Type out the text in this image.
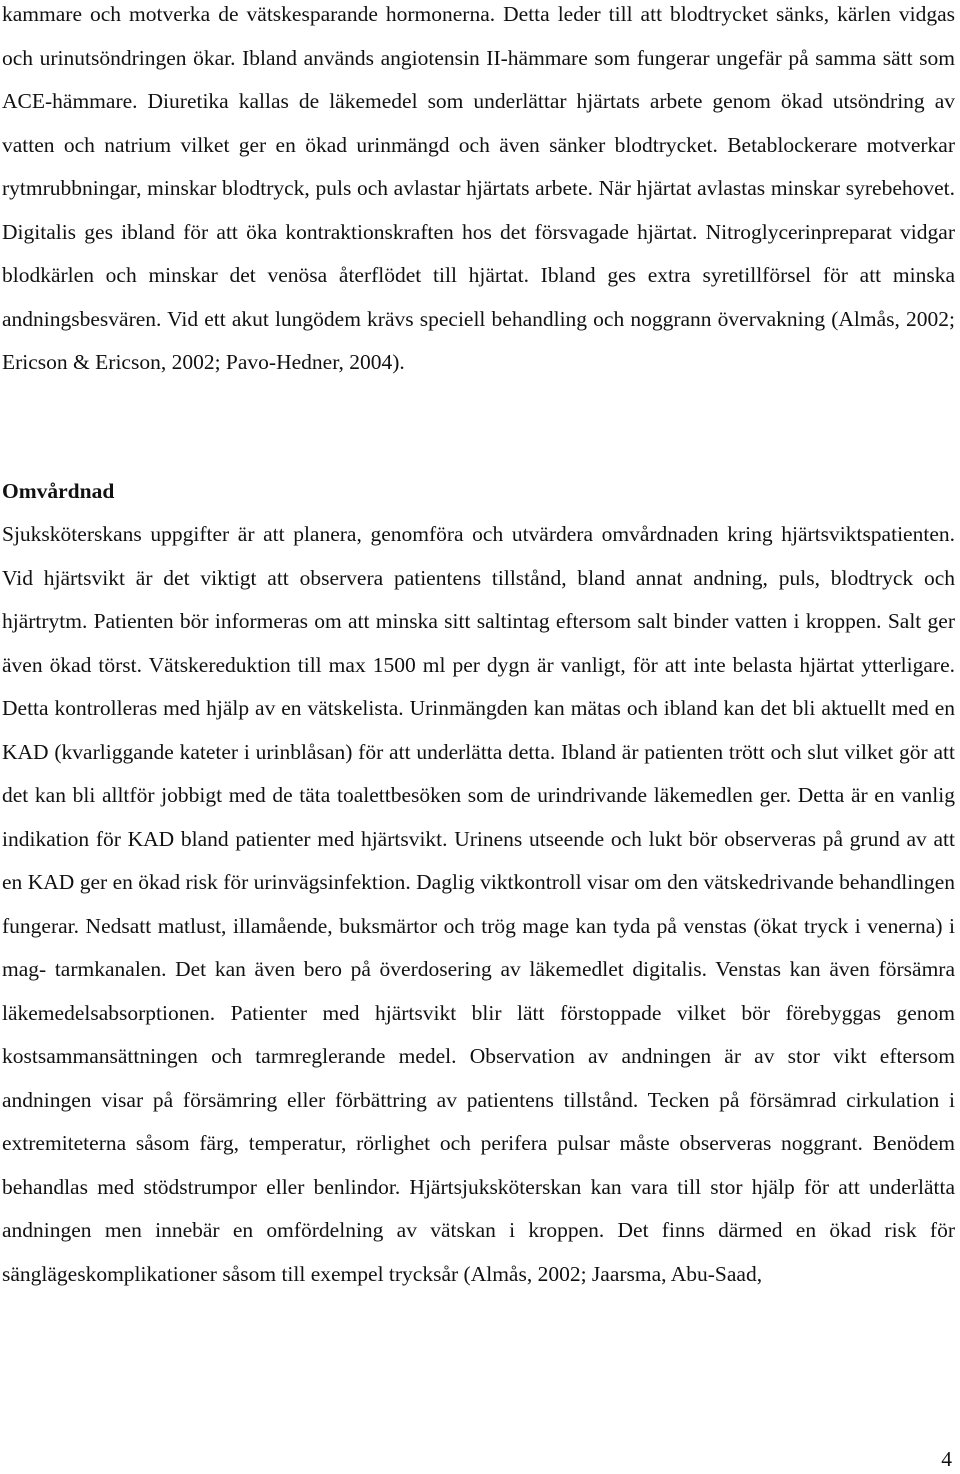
kammare och motverka de vätskesparande hormonerna. Detta leder till att blodtrycket sänks, kärlen vidgas och urinutsöndringen ökar. Ibland används angiotensin II-hämmare som fungerar ungefär på samma sätt som ACE-hämmare. Diuretika kallas de läkemedel som underlättar hjärtats arbete genom ökad utsöndring av vatten och natrium vilket ger en ökad urinmängd och även sänker blodtrycket. Betablockerare motverkar rytmrubbningar, minskar blodtryck, puls och avlastar hjärtats arbete. När hjärtat avlastas minskar syrebehovet. Digitalis ges ibland för att öka kontraktionskraften hos det försvagade hjärtat. Nitroglycerinpreparat vidgar blodkärlen och minskar det venösa återflödet till hjärtat. Ibland ges extra syretillförsel för att minska andningsbesvären. Vid ett akut lungödem krävs speciell behandling och noggrann övervakning (Almås, 2002; Ericson & Ericson, 2002; Pavo-Hedner, 2004).

Omvårdnad

Sjuksköterskans uppgifter är att planera, genomföra och utvärdera omvårdnaden kring hjärtsviktspatienten. Vid hjärtsvikt är det viktigt att observera patientens tillstånd, bland annat andning, puls, blodtryck och hjärtrytm. Patienten bör informeras om att minska sitt saltintag eftersom salt binder vatten i kroppen. Salt ger även ökad törst. Vätskereduktion till max 1500 ml per dygn är vanligt, för att inte belasta hjärtat ytterligare. Detta kontrolleras med hjälp av en vätskelista. Urinmängden kan mätas och ibland kan det bli aktuellt med en KAD (kvarliggande kateter i urinblåsan) för att underlätta detta. Ibland är patienten trött och slut vilket gör att det kan bli alltför jobbigt med de täta toalettbesöken som de urindrivande läkemedlen ger. Detta är en vanlig indikation för KAD bland patienter med hjärtsvikt. Urinens utseende och lukt bör observeras på grund av att en KAD ger en ökad risk för urinvägsinfektion. Daglig viktkontroll visar om den vätskedrivande behandlingen fungerar. Nedsatt matlust, illamående, buksmärtor och trög mage kan tyda på venstas (ökat tryck i venerna) i mag- tarmkanalen. Det kan även bero på överdosering av läkemedlet digitalis. Venstas kan även försämra läkemedelsabsorptionen. Patienter med hjärtsvikt blir lätt förstoppade vilket bör förebyggas genom kostsammansättningen och tarmreglerande medel. Observation av andningen är av stor vikt eftersom andningen visar på försämring eller förbättring av patientens tillstånd. Tecken på försämrad cirkulation i extremiteterna såsom färg, temperatur, rörlighet och perifera pulsar måste observeras noggrant. Benödem behandlas med stödstrumpor eller benlindor. Hjärtsjuksköterskan kan vara till stor hjälp för att underlätta andningen men innebär en omfördelning av vätskan i kroppen. Det finns därmed en ökad risk för sänglägeskomplikationer såsom till exempel trycksår (Almås, 2002; Jaarsma, Abu-Saad,

4
